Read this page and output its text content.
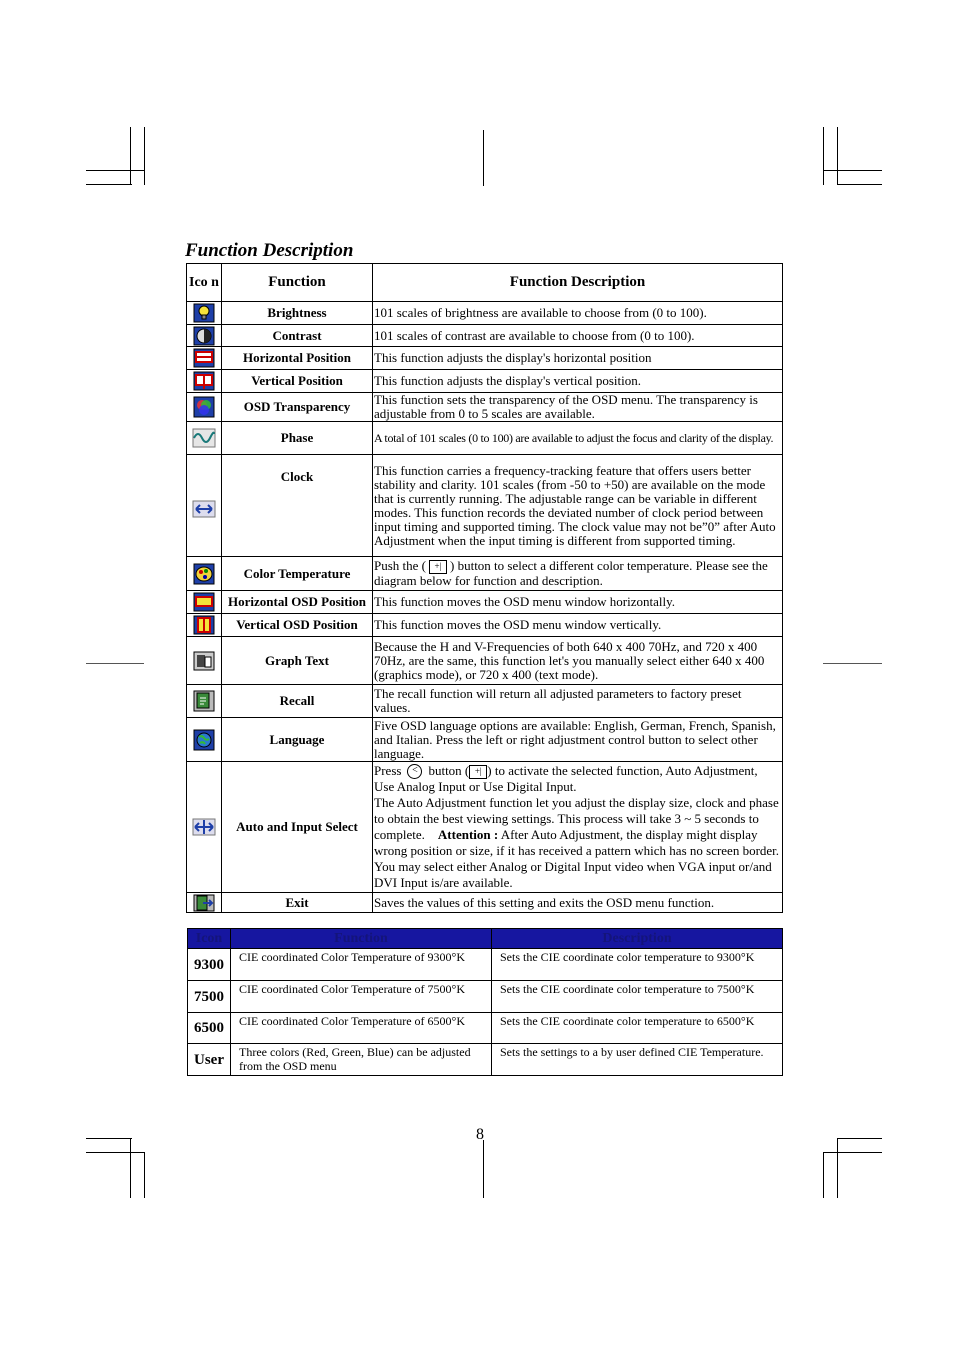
Function Description
Ico n	Function	Function Description
	Brightness	101 scales of brightness are available to choose from (0 to 100).
	Contrast	101 scales of contrast are available to choose from (0 to 100).
	Horizontal Position	This function adjusts the display's horizontal position
	Vertical Position	This function adjusts the display's vertical position.
	OSD Transparency	This function sets the transparency of the OSD menu. The transparency is adjustable from 0 to 5 scales are available.
	Phase	A total of 101 scales (0 to 100) are available to adjust the focus and clarity of the display.
	Clock	This function carries a frequency-tracking feature that offers users better stability and clarity. 101 scales (from -50 to +50) are available on the mode that is currently running. The adjustable range can be variable in different modes. This function records the deviated number of clock period between input timing and supported timing. The clock value may not be”0” after Auto Adjustment when the input timing is different from supported timing.
	Color Temperature	Push the ( +| ) button to select a different color temperature. Please see the diagram below for function and description.
	Horizontal OSD Position	This function moves the OSD menu window horizontally.
	Vertical OSD Position	This function moves the OSD menu window vertically.
	Graph Text	Because the H and V-Frequencies of both 640 x 400 70Hz, and 720 x 400 70Hz, are the same, this function let's you manually select either 640 x 400 (graphics mode), or 720 x 400 (text mode).
	Recall	The recall function will return all adjusted parameters to factory preset values.
	Language	Five OSD language options are available: English, German, French, Spanish, and Italian. Press the left or right adjustment control button to select other language.
	Auto and Input Select	Press < button ( +| ) to activate the selected function, Auto Adjustment, Use Analog Input or Use Digital Input.
The Auto Adjustment function let you adjust the display size, clock and phase to obtain the best viewing settings. This process will take 3 ~ 5 seconds to complete. Attention : After Auto Adjustment, the display might display wrong position or size, if it has received a pattern which has no screen border. You may select either Analog or Digital Input video when VGA input or/and DVI Input is/are available.
	Exit	Saves the values of this setting and exits the OSD menu function.
Icon	Function	Description
9300	CIE coordinated Color Temperature of 9300°K	Sets the CIE coordinate color temperature to 9300°K
7500	CIE coordinated Color Temperature of 7500°K	Sets the CIE coordinate color temperature to 7500°K
6500	CIE coordinated Color Temperature of 6500°K	Sets the CIE coordinate color temperature to 6500°K
User	Three colors (Red, Green, Blue) can be adjusted from the OSD menu	Sets the settings to a by user defined CIE Temperature.
8
